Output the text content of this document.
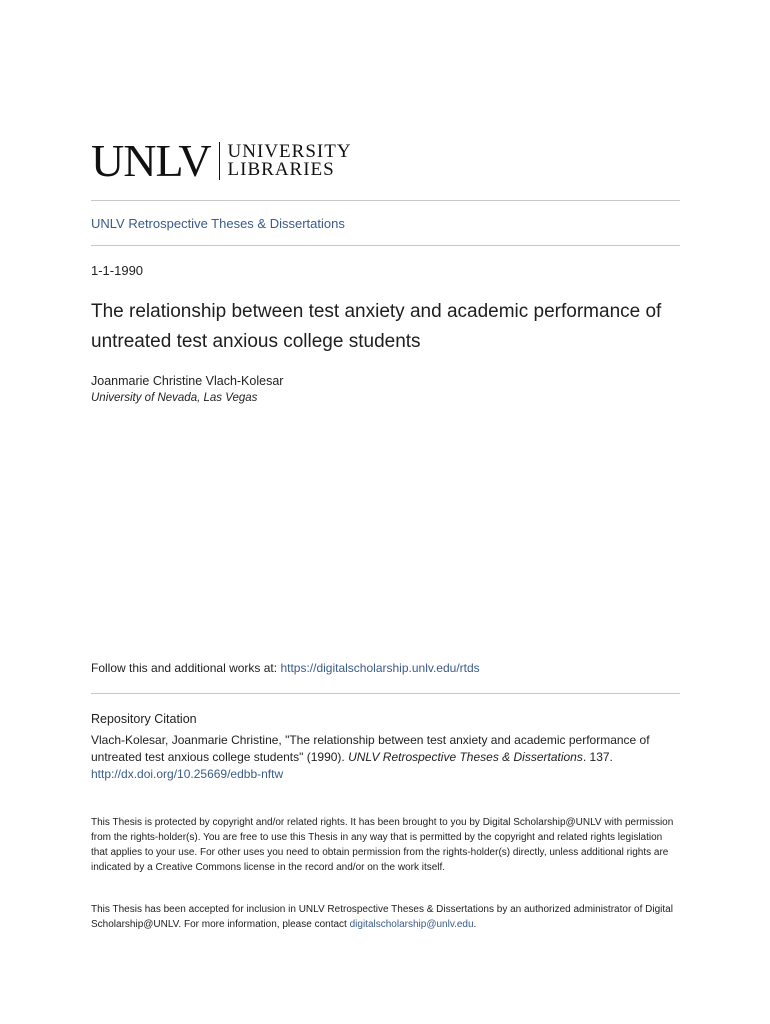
UNLV UNIVERSITY
LIBRARIES
UNLV Retrospective Theses & Dissertations
1-1-1990
The relationship between test anxiety and academic performance of untreated test anxious college students
Joanmarie Christine Vlach-Kolesar
University of Nevada, Las Vegas
Follow this and additional works at: https://digitalscholarship.unlv.edu/rtds
Repository Citation
Vlach-Kolesar, Joanmarie Christine, "The relationship between test anxiety and academic performance of untreated test anxious college students" (1990). UNLV Retrospective Theses & Dissertations. 137.
http://dx.doi.org/10.25669/edbb-nftw
This Thesis is protected by copyright and/or related rights. It has been brought to you by Digital Scholarship@UNLV with permission from the rights-holder(s). You are free to use this Thesis in any way that is permitted by the copyright and related rights legislation that applies to your use. For other uses you need to obtain permission from the rights-holder(s) directly, unless additional rights are indicated by a Creative Commons license in the record and/or on the work itself.
This Thesis has been accepted for inclusion in UNLV Retrospective Theses & Dissertations by an authorized administrator of Digital Scholarship@UNLV. For more information, please contact digitalscholarship@unlv.edu.
